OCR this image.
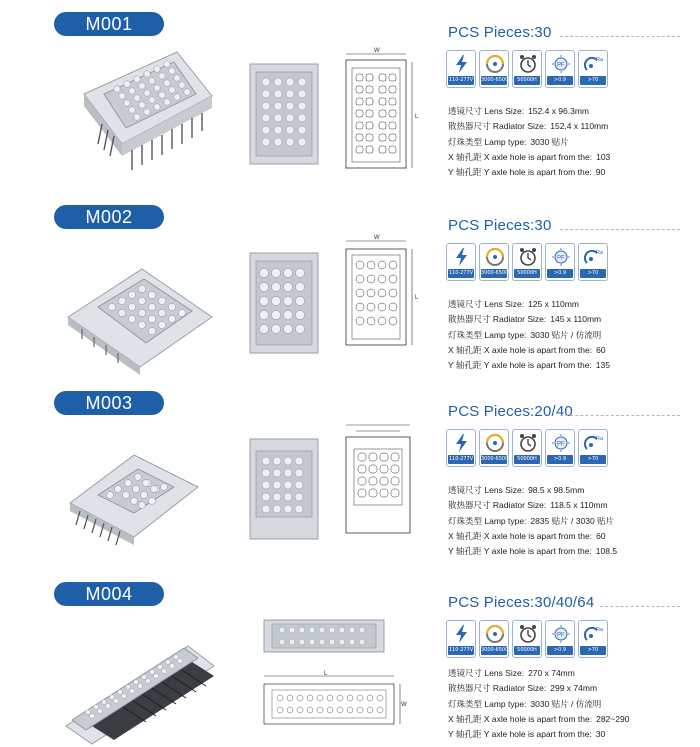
M001
W
L
PCS Pieces:30
110-277V 3000-6500K	50000H
PF
>0.9
Ra
>70
透镜尺寸 Lens Size: 152.4 x 96.3mm
散热器尺寸 Radiator Size: 152.4 x 110mm
灯珠类型 Lamp type: 3030 贴片
X 轴孔距 X axle hole is apart from the: 103
Y 轴孔距 Y axle hole is apart from the: 90
M002
W
L
PCS Pieces:30
110-277V 3000-6500K	50000H
PF
>0.9
Ra
>70
透镜尺寸 Lens Size: 125 x 110mm
散热器尺寸 Radiator Size: 145 x 110mm
灯珠类型 Lamp type: 3030 贴片 / 仿流明
X 轴孔距 X axle hole is apart from the: 60
Y 轴孔距 Y axle hole is apart from the: 135
M003	PCS Pieces:20/40
110-277V 3000-6500K	50000H
PF
>0.9
Ra
>70
透镜尺寸 Lens Size: 98.5 x 98.5mm
散热器尺寸 Radiator Size: 118.5 x 110mm
灯珠类型 Lamp type: 2835 贴片 / 3030 贴片
X 轴孔距 X axle hole is apart from the: 60
Y 轴孔距 Y axle hole is apart from the: 108.5
M004
L
W
PCS Pieces:30/40/64
110-277V 3000-6500K	50000H
PF
>0.9
Ra
>70
透镜尺寸 Lens Size: 270 x 74mm
散热器尺寸 Radiator Size: 299 x 74mm
灯珠类型 Lamp type: 3030 贴片 / 仿流明
X 轴孔距 X axle hole is apart from the: 282~290
Y 轴孔距 Y axle hole is apart from the: 30
